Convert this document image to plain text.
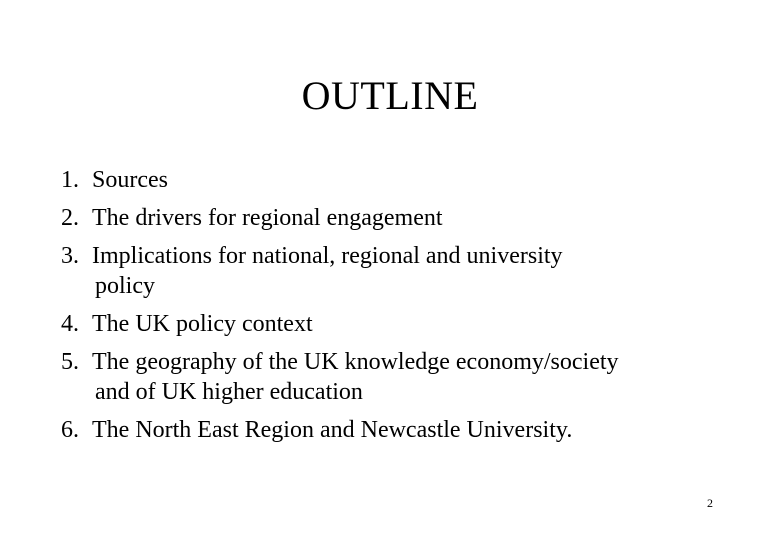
OUTLINE
1. Sources
2. The drivers for regional engagement
3. Implications for national, regional and university
policy
4. The UK policy context
5. The geography of the UK knowledge economy/society
and of UK higher education
6. The North East Region and Newcastle University.
2
